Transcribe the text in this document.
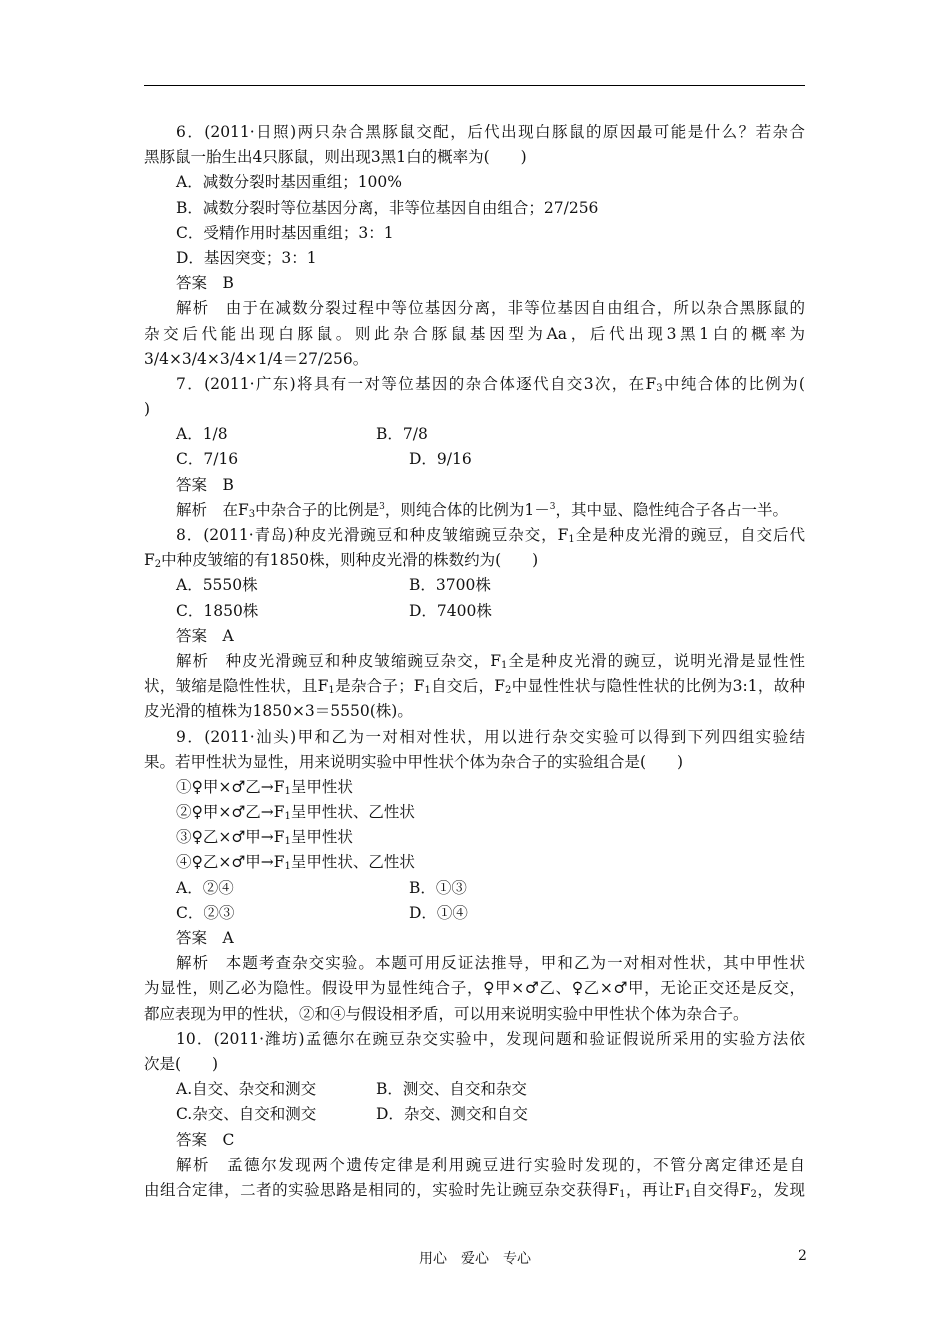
6．(2011·日照)两只杂合黑豚鼠交配，后代出现白豚鼠的原因最可能是什么？若杂合
黑豚鼠一胎生出4只豚鼠，则出现3黑1白的概率为(　　)
A．减数分裂时基因重组；100%
B．减数分裂时等位基因分离，非等位基因自由组合；27/256
C．受精作用时基因重组；3：1
D．基因突变；3：1
答案　B
解析　由于在减数分裂过程中等位基因分离，非等位基因自由组合，所以杂合黑豚鼠的
杂交后代能出现白豚鼠。则此杂合豚鼠基因型为Aa，后代出现3黑1白的概率为
3/4×3/4×3/4×1/4＝27/256。
7．(2011·广东)将具有一对等位基因的杂合体逐代自交3次，在$F_3$中纯合体的比例为(
)
A．1/8	B．7/8
C．7/16	D．9/16
答案　B
解析　在$F_3$中杂合子的比例是$^3$，则纯合体的比例为1－$^3$，其中显、隐性纯合子各占一半。
8．(2011·青岛)种皮光滑豌豆和种皮皱缩豌豆杂交，$F_1$全是种皮光滑的豌豆，自交后代
$F_2$中种皮皱缩的有1850株，则种皮光滑的株数约为(　　)
A．5550株	B．3700株
C．1850株	D．7400株
答案　A
解析　种皮光滑豌豆和种皮皱缩豌豆杂交，$F_1$全是种皮光滑的豌豆，说明光滑是显性性
状，皱缩是隐性性状，且$F_1$是杂合子；$F_1$自交后，$F_2$中显性性状与隐性性状的比例为3:1，故种
皮光滑的植株为1850×3＝5550(株)。
9．(2011·汕头)甲和乙为一对相对性状，用以进行杂交实验可以得到下列四组实验结
果。若甲性状为显性，用来说明实验中甲性状个体为杂合子的实验组合是(　　)
①♀甲×♂乙$\to F_1$呈甲性状
②♀甲×♂乙$\to F_1$呈甲性状、乙性状
③♀乙×♂甲$\to F_1$呈甲性状
④♀乙×♂甲$\to F_1$呈甲性状、乙性状
A．②④	B．①③
C．②③	D．①④
答案　A
解析　本题考查杂交实验。本题可用反证法推导，甲和乙为一对相对性状，其中甲性状
为显性，则乙必为隐性。假设甲为显性纯合子，♀甲×♂乙、♀乙×♂甲，无论正交还是反交，
都应表现为甲的性状，②和④与假设相矛盾，可以用来说明实验中甲性状个体为杂合子。
10．(2011·潍坊)孟德尔在豌豆杂交实验中，发现问题和验证假说所采用的实验方法依
次是(　　)
A.自交、杂交和测交	B．测交、自交和杂交
C.杂交、自交和测交	D．杂交、测交和自交
答案　C
解析　孟德尔发现两个遗传定律是利用豌豆进行实验时发现的，不管分离定律还是自
由组合定律，二者的实验思路是相同的，实验时先让豌豆杂交获得$F_1$，再让$F_1$自交得$F_2$，发现
用心　爱心　专心	2
